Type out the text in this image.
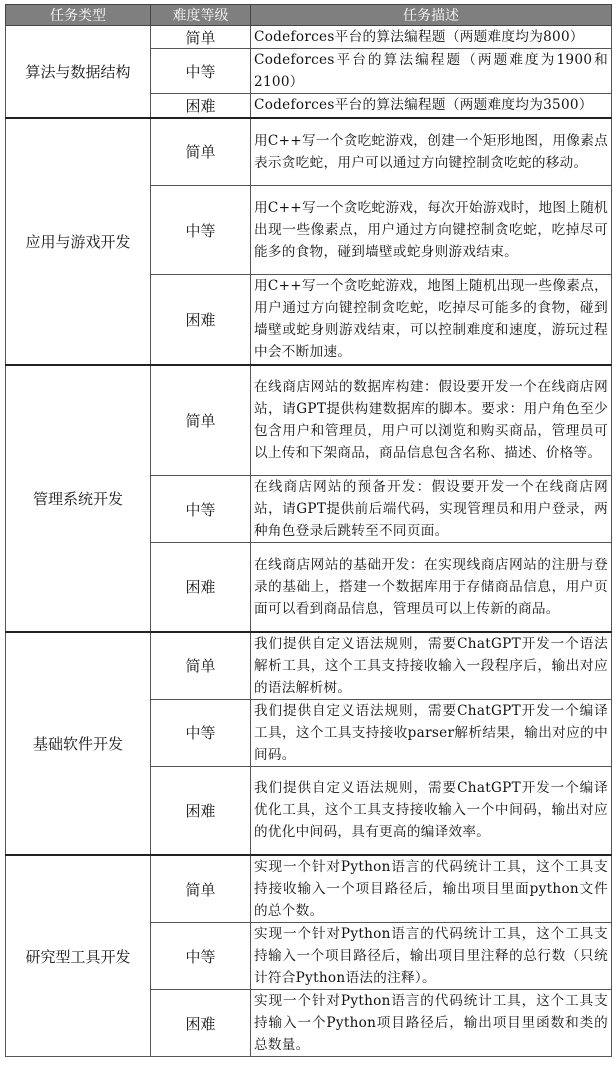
任务类型	难度等级	任务描述
算法与数据结构	简单	Codeforces平台的算法编程题（两题难度均为800）
	中等	Codeforces平台的算法编程题（两题难度为1900和2100）
	困难	Codeforces平台的算法编程题（两题难度均为3500）
应用与游戏开发	简单	用C++写一个贪吃蛇游戏，创建一个矩形地图，用像素点表示贪吃蛇，用户可以通过方向键控制贪吃蛇的移动。
	中等	用C++写一个贪吃蛇游戏，每次开始游戏时，地图上随机出现一些像素点，用户通过方向键控制贪吃蛇，吃掉尽可能多的食物，碰到墙壁或蛇身则游戏结束。
	困难	用C++写一个贪吃蛇游戏，地图上随机出现一些像素点，用户通过方向键控制贪吃蛇，吃掉尽可能多的食物，碰到墙壁或蛇身则游戏结束，可以控制难度和速度，游玩过程中会不断加速。
管理系统开发	简单	在线商店网站的数据库构建：假设要开发一个在线商店网站，请GPT提供构建数据库的脚本。要求：用户角色至少包含用户和管理员，用户可以浏览和购买商品，管理员可以上传和下架商品，商品信息包含名称、描述、价格等。
	中等	在线商店网站的预备开发：假设要开发一个在线商店网站，请GPT提供前后端代码，实现管理员和用户登录，两种角色登录后跳转至不同页面。
	困难	在线商店网站的基础开发：在实现线商店网站的注册与登录的基础上，搭建一个数据库用于存储商品信息，用户页面可以看到商品信息，管理员可以上传新的商品。
基础软件开发	简单	我们提供自定义语法规则，需要ChatGPT开发一个语法解析工具，这个工具支持接收输入一段程序后，输出对应的语法解析树。
	中等	我们提供自定义语法规则，需要ChatGPT开发一个编译工具，这个工具支持接收parser解析结果，输出对应的中间码。
	困难	我们提供自定义语法规则，需要ChatGPT开发一个编译优化工具，这个工具支持接收输入一个中间码，输出对应的优化中间码，具有更高的编译效率。
研究型工具开发	简单	实现一个针对Python语言的代码统计工具，这个工具支持接收输入一个项目路径后，输出项目里面python文件的总个数。
	中等	实现一个针对Python语言的代码统计工具，这个工具支持输入一个项目路径后，输出项目里注释的总行数（只统计符合Python语法的注释）。
	困难	实现一个针对Python语言的代码统计工具，这个工具支持输入一个Python项目路径后，输出项目里函数和类的总数量。
